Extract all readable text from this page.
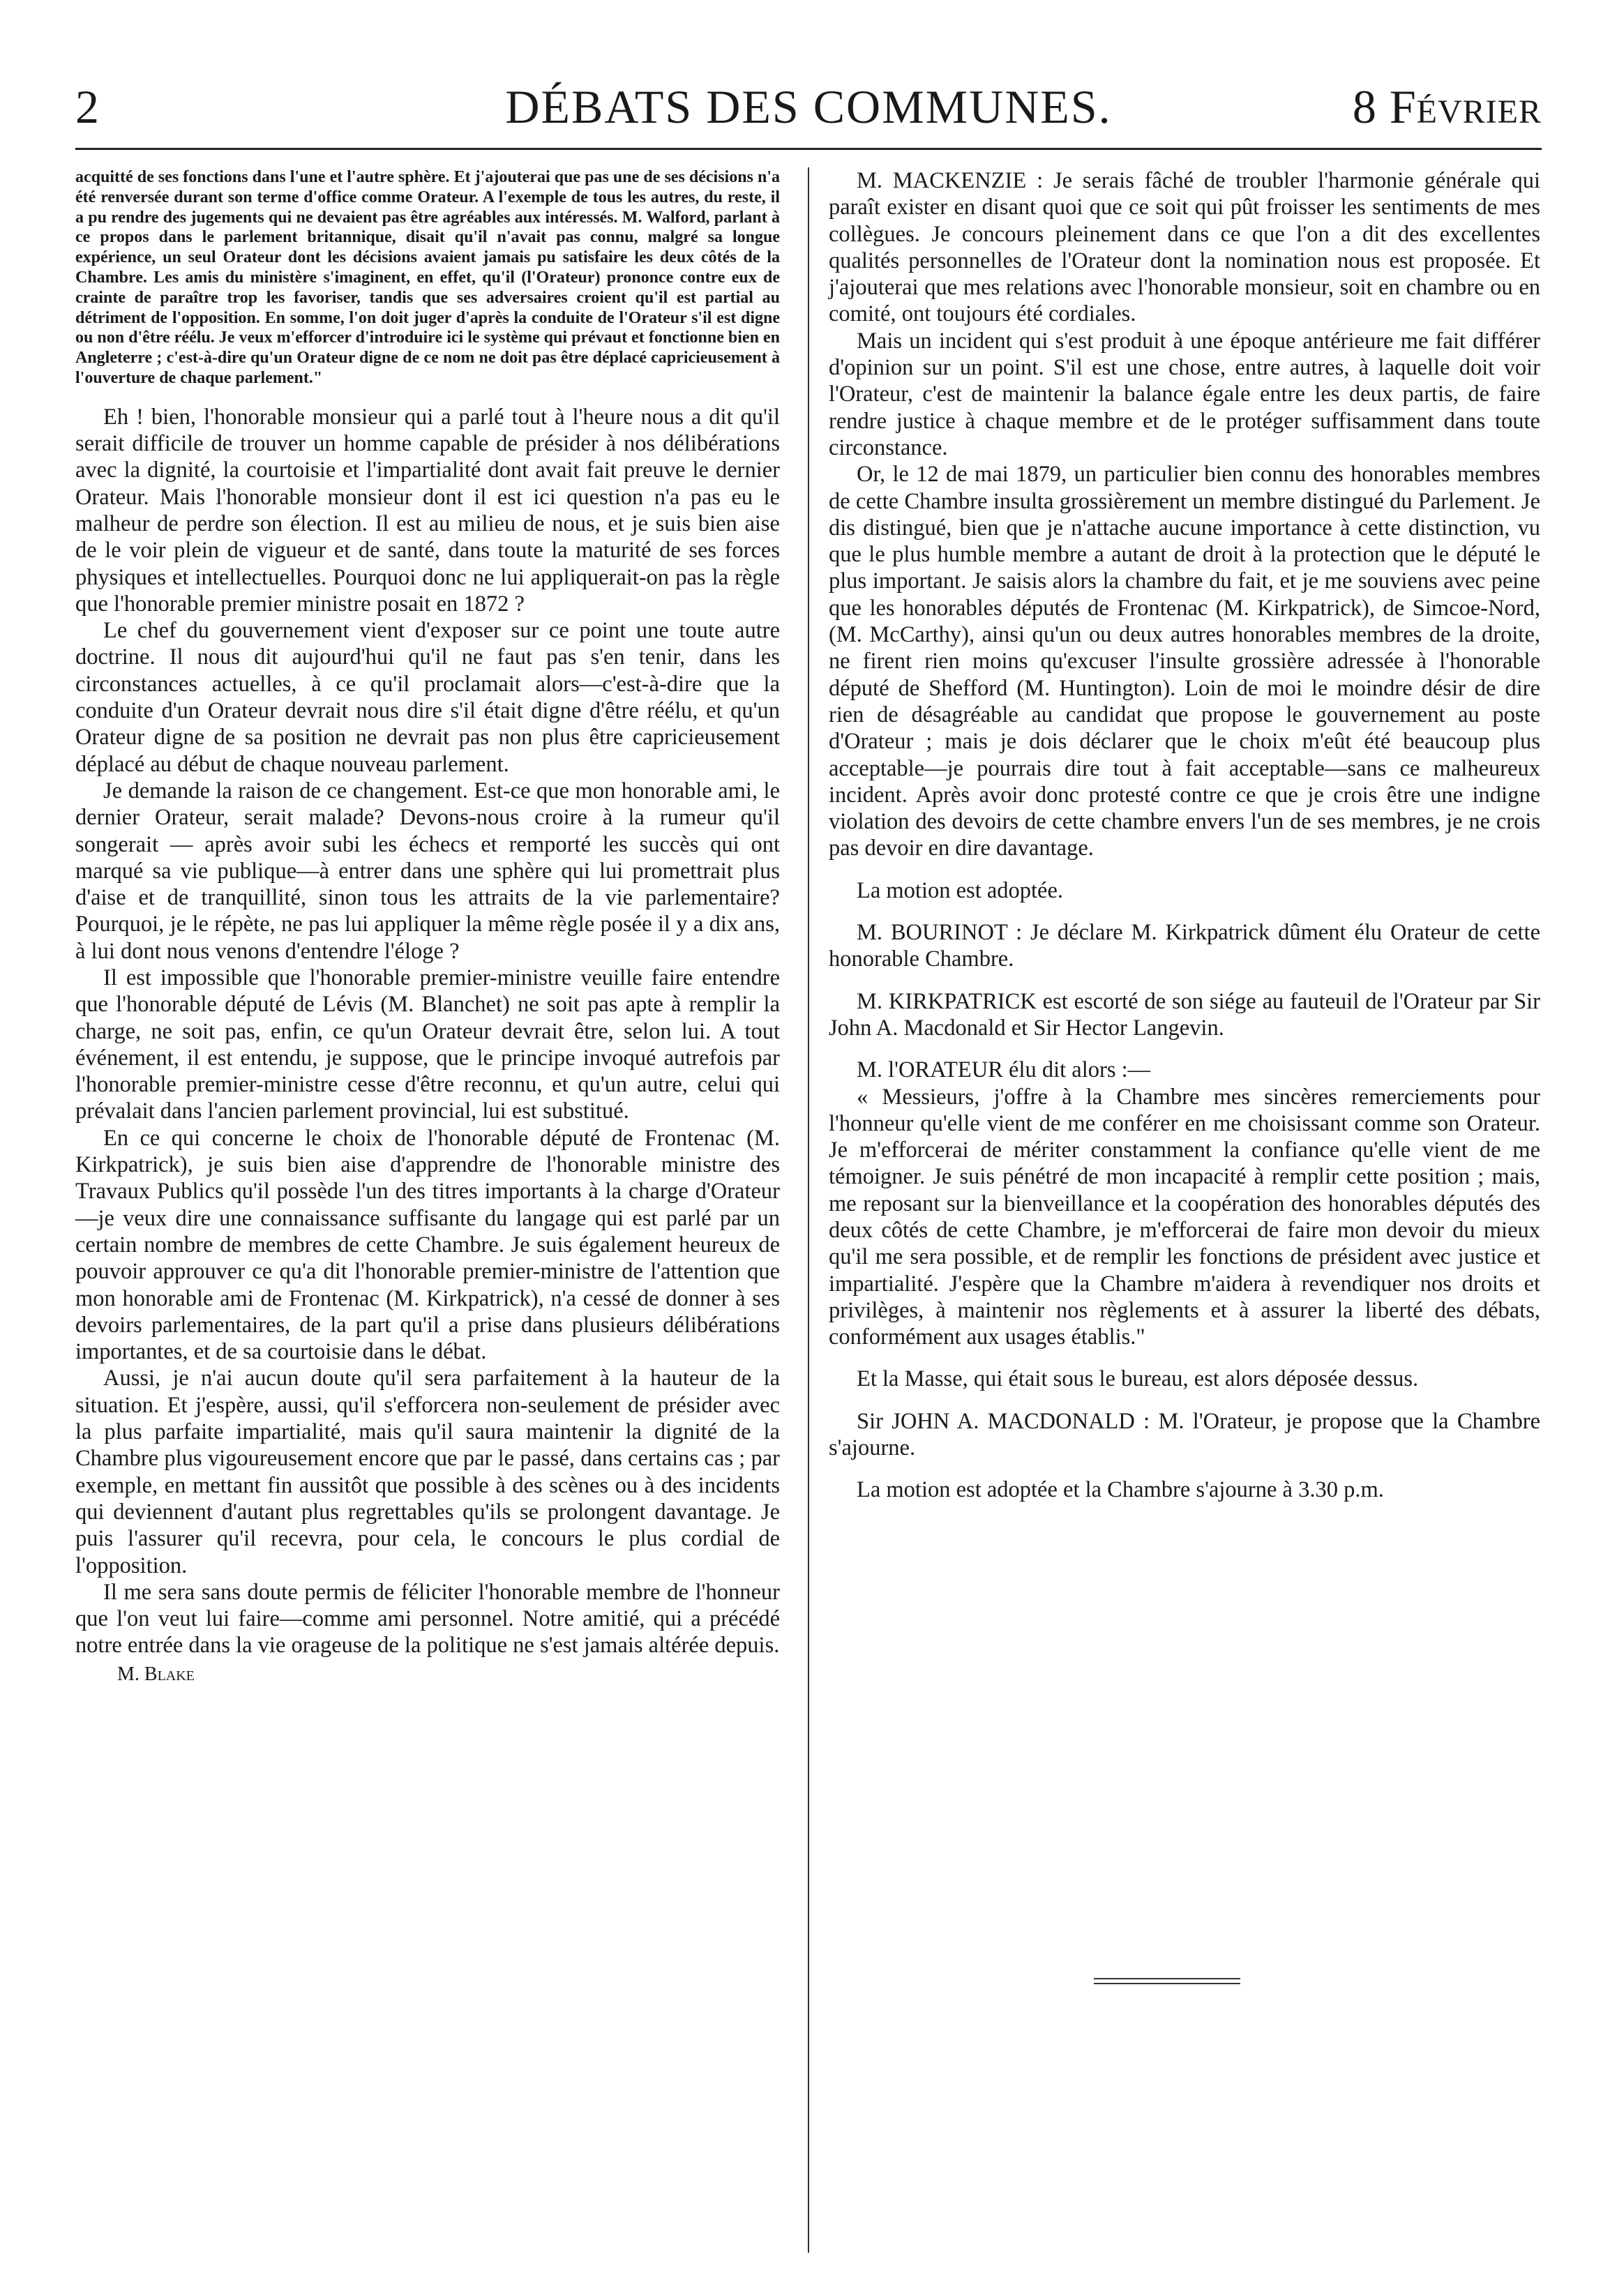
2	DÉBATS DES COMMUNES.	8 Février

acquitté de ses fonctions dans l'une et l'autre sphère. Et j'ajouterai que pas une de ses décisions n'a été renversée durant son terme d'office comme Orateur. A l'exemple de tous les autres, du reste, il a pu rendre des jugements qui ne devaient pas être agréables aux intéressés. M. Walford, parlant à ce propos dans le parlement britannique, disait qu'il n'avait pas connu, malgré sa longue expérience, un seul Orateur dont les décisions avaient jamais pu satisfaire les deux côtés de la Chambre. Les amis du ministère s'imaginent, en effet, qu'il (l'Orateur) prononce contre eux de crainte de paraître trop les favoriser, tandis que ses adversaires croient qu'il est partial au détriment de l'opposition. En somme, l'on doit juger d'après la conduite de l'Orateur s'il est digne ou non d'être réélu. Je veux m'efforcer d'introduire ici le système qui prévaut et fonctionne bien en Angleterre ; c'est-à-dire qu'un Orateur digne de ce nom ne doit pas être déplacé capricieusement à l'ouverture de chaque parlement."

Eh ! bien, l'honorable monsieur qui a parlé tout à l'heure nous a dit qu'il serait difficile de trouver un homme capable de présider à nos délibérations avec la dignité, la courtoisie et l'impartialité dont avait fait preuve le dernier Orateur. Mais l'honorable monsieur dont il est ici question n'a pas eu le malheur de perdre son élection. Il est au milieu de nous, et je suis bien aise de le voir plein de vigueur et de santé, dans toute la maturité de ses forces physiques et intellectuelles. Pourquoi donc ne lui appliquerait-on pas la règle que l'honorable premier ministre posait en 1872 ?

Le chef du gouvernement vient d'exposer sur ce point une toute autre doctrine. Il nous dit aujourd'hui qu'il ne faut pas s'en tenir, dans les circonstances actuelles, à ce qu'il proclamait alors—c'est-à-dire que la conduite d'un Orateur devrait nous dire s'il était digne d'être réélu, et qu'un Orateur digne de sa position ne devrait pas non plus être capricieusement déplacé au début de chaque nouveau parlement.

Je demande la raison de ce changement. Est-ce que mon honorable ami, le dernier Orateur, serait malade? Devons-nous croire à la rumeur qu'il songerait — après avoir subi les échecs et remporté les succès qui ont marqué sa vie publique—à entrer dans une sphère qui lui promettrait plus d'aise et de tranquillité, sinon tous les attraits de la vie parlementaire? Pourquoi, je le répète, ne pas lui appliquer la même règle posée il y a dix ans, à lui dont nous venons d'entendre l'éloge ?

Il est impossible que l'honorable premier-ministre veuille faire entendre que l'honorable député de Lévis (M. Blanchet) ne soit pas apte à remplir la charge, ne soit pas, enfin, ce qu'un Orateur devrait être, selon lui. A tout événement, il est entendu, je suppose, que le principe invoqué autrefois par l'honorable premier-ministre cesse d'être reconnu, et qu'un autre, celui qui prévalait dans l'ancien parlement provincial, lui est substitué.

En ce qui concerne le choix de l'honorable député de Frontenac (M. Kirkpatrick), je suis bien aise d'apprendre de l'honorable ministre des Travaux Publics qu'il possède l'un des titres importants à la charge d'Orateur—je veux dire une connaissance suffisante du langage qui est parlé par un certain nombre de membres de cette Chambre. Je suis également heureux de pouvoir approuver ce qu'a dit l'honorable premier-ministre de l'attention que mon honorable ami de Frontenac (M. Kirkpatrick), n'a cessé de donner à ses devoirs parlementaires, de la part qu'il a prise dans plusieurs délibérations importantes, et de sa courtoisie dans le débat.

Aussi, je n'ai aucun doute qu'il sera parfaitement à la hauteur de la situation. Et j'espère, aussi, qu'il s'efforcera non-seulement de présider avec la plus parfaite impartialité, mais qu'il saura maintenir la dignité de la Chambre plus vigoureusement encore que par le passé, dans certains cas ; par exemple, en mettant fin aussitôt que possible à des scènes ou à des incidents qui deviennent d'autant plus regrettables qu'ils se prolongent davantage. Je puis l'assurer qu'il recevra, pour cela, le concours le plus cordial de l'opposition.

Il me sera sans doute permis de féliciter l'honorable membre de l'honneur que l'on veut lui faire—comme ami personnel. Notre amitié, qui a précédé notre entrée dans la vie orageuse de la politique ne s'est jamais altérée depuis.

M. Blake

M. MACKENZIE : Je serais fâché de troubler l'harmonie générale qui paraît exister en disant quoi que ce soit qui pût froisser les sentiments de mes collègues. Je concours pleinement dans ce que l'on a dit des excellentes qualités personnelles de l'Orateur dont la nomination nous est proposée. Et j'ajouterai que mes relations avec l'honorable monsieur, soit en chambre ou en comité, ont toujours été cordiales.

Mais un incident qui s'est produit à une époque antérieure me fait différer d'opinion sur un point. S'il est une chose, entre autres, à laquelle doit voir l'Orateur, c'est de maintenir la balance égale entre les deux partis, de faire rendre justice à chaque membre et de le protéger suffisamment dans toute circonstance.

Or, le 12 de mai 1879, un particulier bien connu des honorables membres de cette Chambre insulta grossièrement un membre distingué du Parlement. Je dis distingué, bien que je n'attache aucune importance à cette distinction, vu que le plus humble membre a autant de droit à la protection que le député le plus important. Je saisis alors la chambre du fait, et je me souviens avec peine que les honorables députés de Frontenac (M. Kirkpatrick), de Simcoe-Nord, (M. McCarthy), ainsi qu'un ou deux autres honorables membres de la droite, ne firent rien moins qu'excuser l'insulte grossière adressée à l'honorable député de Shefford (M. Huntington). Loin de moi le moindre désir de dire rien de désagréable au candidat que propose le gouvernement au poste d'Orateur ; mais je dois déclarer que le choix m'eût été beaucoup plus acceptable—je pourrais dire tout à fait acceptable—sans ce malheureux incident. Après avoir donc protesté contre ce que je crois être une indigne violation des devoirs de cette chambre envers l'un de ses membres, je ne crois pas devoir en dire davantage.

La motion est adoptée.

M. BOURINOT : Je déclare M. Kirkpatrick dûment élu Orateur de cette honorable Chambre.

M. KIRKPATRICK est escorté de son siége au fauteuil de l'Orateur par Sir John A. Macdonald et Sir Hector Langevin.

M. l'ORATEUR élu dit alors :—

« Messieurs, j'offre à la Chambre mes sincères remerciements pour l'honneur qu'elle vient de me conférer en me choisissant comme son Orateur. Je m'efforcerai de mériter constamment la confiance qu'elle vient de me témoigner. Je suis pénétré de mon incapacité à remplir cette position ; mais, me reposant sur la bienveillance et la coopération des honorables députés des deux côtés de cette Chambre, je m'efforcerai de faire mon devoir du mieux qu'il me sera possible, et de remplir les fonctions de président avec justice et impartialité. J'espère que la Chambre m'aidera à revendiquer nos droits et privilèges, à maintenir nos règlements et à assurer la liberté des débats, conformément aux usages établis."

Et la Masse, qui était sous le bureau, est alors déposée dessus.

Sir JOHN A. MACDONALD : M. l'Orateur, je propose que la Chambre s'ajourne.

La motion est adoptée et la Chambre s'ajourne à 3.30 p.m.
